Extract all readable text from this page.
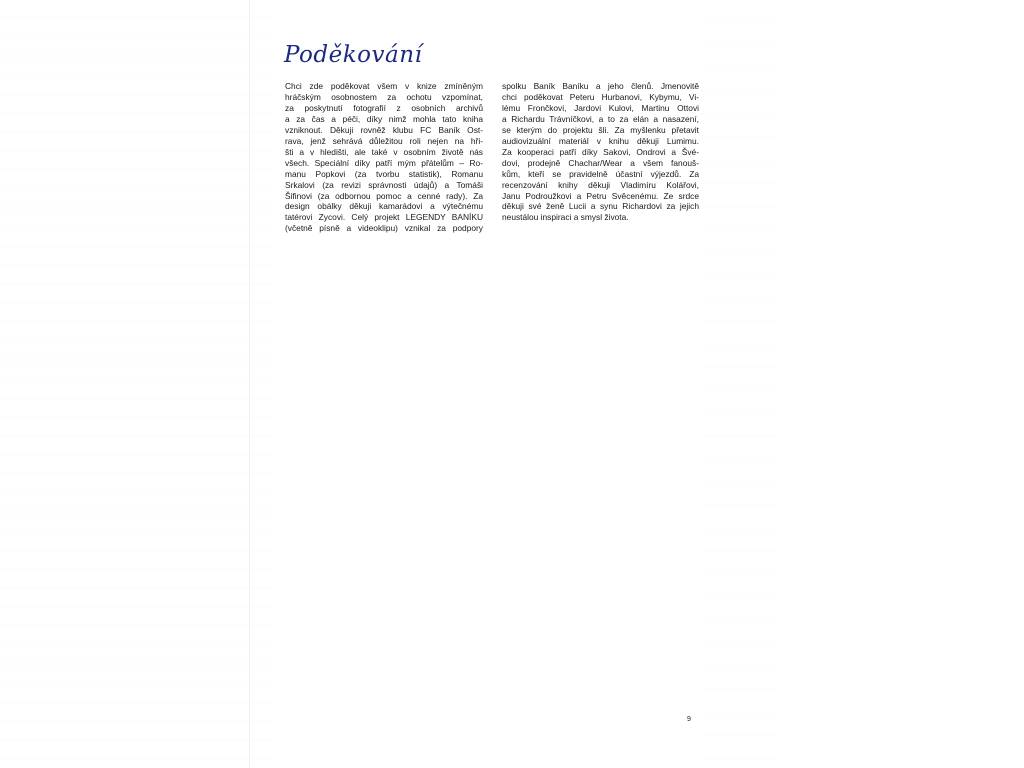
Poděkování
Chci zde poděkovat všem v knize zmíněným
hráčským osobnostem za ochotu vzpomínat,
za poskytnutí fotografií z osobních archivů
a za čas a péči, díky nimž mohla tato kniha
vzniknout. Děkuji rovněž klubu FC Baník Ost-
rava, jenž sehrává důležitou roli nejen na hři-
šti a v hledišti, ale také v osobním životě nás
všech. Speciální díky patří mým přátelům – Ro-
manu Popkovi (za tvorbu statistik), Romanu
Srkalovi (za revizi správnosti údajů) a Tomáši
Šifinovi (za odbornou pomoc a cenné rady). Za
design obálky děkuji kamarádovi a výtečnému
tatérovi Zycovi. Celý projekt LEGENDY BANÍKU
(včetně písně a videoklipu) vznikal za podpory
spolku Baník Baníku a jeho členů. Jmenovitě
chci poděkovat Peteru Hurbanovi, Kybymu, Vi-
lému Frončkovi, Jardovi Kulovi, Martinu Ottovi
a Richardu Trávníčkovi, a to za elán a nasazení,
se kterým do projektu šli. Za myšlenku přetavit
audiovizuální materiál v knihu děkuji Lumimu.
Za kooperaci patří díky Sakovi, Ondrovi a Švé-
dovi, prodejně Chachar/Wear a všem fanouš-
kům, kteří se pravidelně účastní výjezdů. Za
recenzování knihy děkuji Vladimíru Kolářovi,
Janu Podroužkovi a Petru Svěcenému. Ze srdce
děkuji své ženě Lucii a synu Richardovi za jejich
neustálou inspiraci a smysl života.
9
